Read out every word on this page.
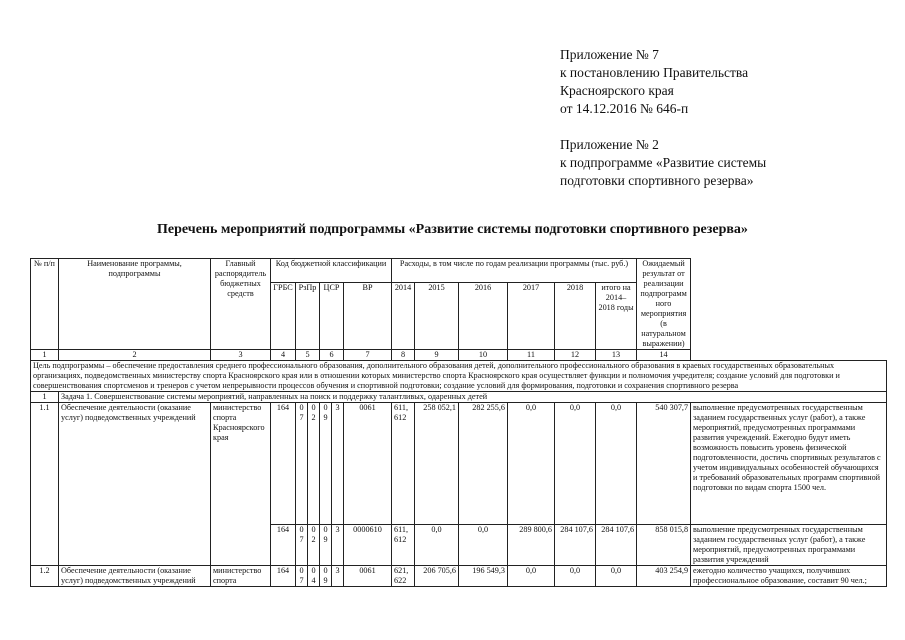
Приложение № 7
к постановлению Правительства
Красноярского края
от 14.12.2016 № 646-п
Приложение № 2
к подпрограмме «Развитие системы
подготовки спортивного резерва»
Перечень мероприятий подпрограммы «Развитие системы подготовки спортивного резерва»
№ п/п	Наименование программы, подпрограммы	Главный распорядитель бюджетных средств	Код бюджетной классификации						Расходы, в том числе по годам реализации программы (тыс. руб.)						Ожидаемый результат от реализации подпрограммного мероприятия (в натуральном выражении)	
			ГРБС	РзПр		ЦСР		ВР	2014	2015	2016	2017	2018	итого на 2014–2018 годы		
1	2	3	4	5		6		7	8	9	10	11	12	13	14	
Цель подпрограммы – обеспечение предоставления среднего профессионального образования, дополнительного образования детей, дополнительного профессионального образования в краевых государственных образовательных организациях, подведомственных министерству спорта Красноярского края или в отношении которых министерство спорта Красноярского края осуществляет функции и полномочия учредителя; создание условий для подготовки и совершенствования спортсменов и тренеров с учетом непрерывности процессов обучения и спортивной подготовки; создание условий для формирования, подготовки и сохранения спортивного резерва																
1	Задача 1. Совершенствование системы мероприятий, направленных на поиск и поддержку талантливых, одаренных детей															
1.1	Обеспечение деятельности (оказание услуг) подведомственных учреждений	министерство спорта Красноярского края	164	07	02	09	3	0061	611, 612	258 052,1	282 255,6	0,0	0,0	0,0	540 307,7	выполнение предусмотренных государственным заданием государственных услуг (работ), а также мероприятий, предусмотренных программами развития учреждений. Ежегодно будут иметь возможность повысить уровень физической подготовленности, достичь спортивных результатов с учетом индивидуальных особенностей обучающихся и требований образовательных программ спортивной подготовки по видам спорта 1500 чел.
			164	07	02	09	3	0000610	611, 612	0,0	0,0	289 800,6	284 107,6	284 107,6	858 015,8	выполнение предусмотренных государственным заданием государственных услуг (работ), а также мероприятий, предусмотренных программами развития учреждений
1.2	Обеспечение деятельности (оказание услуг) подведомственных учреждений	министерство спорта	164	07	04	09	3	0061	621, 622	206 705,6	196 549,3	0,0	0,0	0,0	403 254,9	ежегодно количество учащихся, получивших профессиональное образование, составит 90 чел.;
